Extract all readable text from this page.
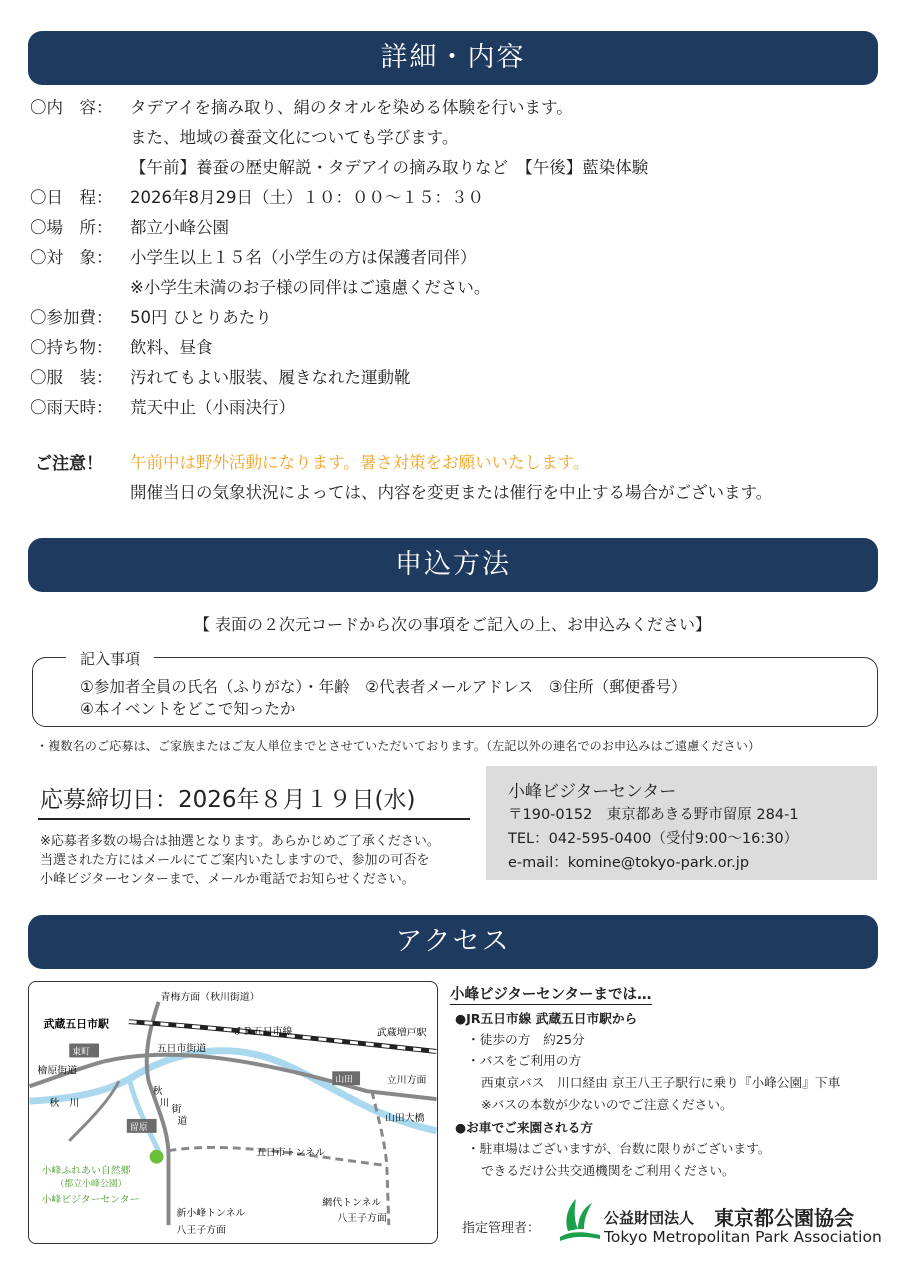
詳細・内容
〇内　容：	タデアイを摘み取り、絹のタオルを染める体験を行います。
また、地域の養蚕文化についても学びます。
【午前】養蚕の歴史解説・タデアイの摘み取りなど　【午後】藍染体験
〇日　程：	2026年8月29日（土）１０：００～１５：３０
〇場　所：	都立小峰公園
〇対　象：	小学生以上１５名（小学生の方は保護者同伴）
※小学生未満のお子様の同伴はご遠慮ください。
〇参加費：	50円 ひとりあたり
〇持ち物：	飲料、昼食
〇服　装：	汚れてもよい服装、履きなれた運動靴
〇雨天時：	荒天中止（小雨決行）
ご注意！ 午前中は野外活動になります。暑さ対策をお願いいたします。
開催当日の気象状況によっては、内容を変更または催行を中止する場合がございます。
申込方法
【 表面の２次元コードから次の事項をご記入の上、お申込みください】
記入事項
①参加者全員の氏名（ふりがな）・年齢　②代表者メールアドレス　③住所（郵便番号）
④本イベントをどこで知ったか
・複数名のご応募は、ご家族またはご友人単位までとさせていただいております。（左記以外の連名でのお申込みはご遠慮ください）
応募締切日：2026年８月１９日(水)
※応募者多数の場合は抽選となります。あらかじめご了承ください。
当選された方にはメールにてご案内いたしますので、参加の可否を
小峰ビジターセンターまで、メールか電話でお知らせください。
小峰ビジターセンター
〒190-0152　東京都あきる野市留原 284-1
TEL：042-595-0400（受付9:00～16:30）
e-mail：komine@tokyo-park.or.jp
アクセス
青梅方面（秋川街道）
武蔵五日市駅
ＪＲ五日市線	武蔵増戸駅
五日市街道
東町
檜原街道
秋　川
秋
川
街
道
山田	立川方面
山田大橋
留原
五日市トンネル
小峰ふれあい自然郷
（都立小峰公園）
小峰ビジターセンター
新小峰トンネル
八王子方面
網代トンネル
八王子方面
小峰ビジターセンターまでは…
●JR五日市線 武蔵五日市駅から
・徒歩の方　約25分
・バスをご利用の方
西東京バス　川口経由 京王八王子駅行に乗り『小峰公園』下車
※バスの本数が少ないのでご注意ください。
●お車でご来園される方
・駐車場はございますが、台数に限りがございます。
できるだけ公共交通機関をご利用ください。
指定管理者：
公益財団法人 東京都公園協会
Tokyo Metropolitan Park Association
